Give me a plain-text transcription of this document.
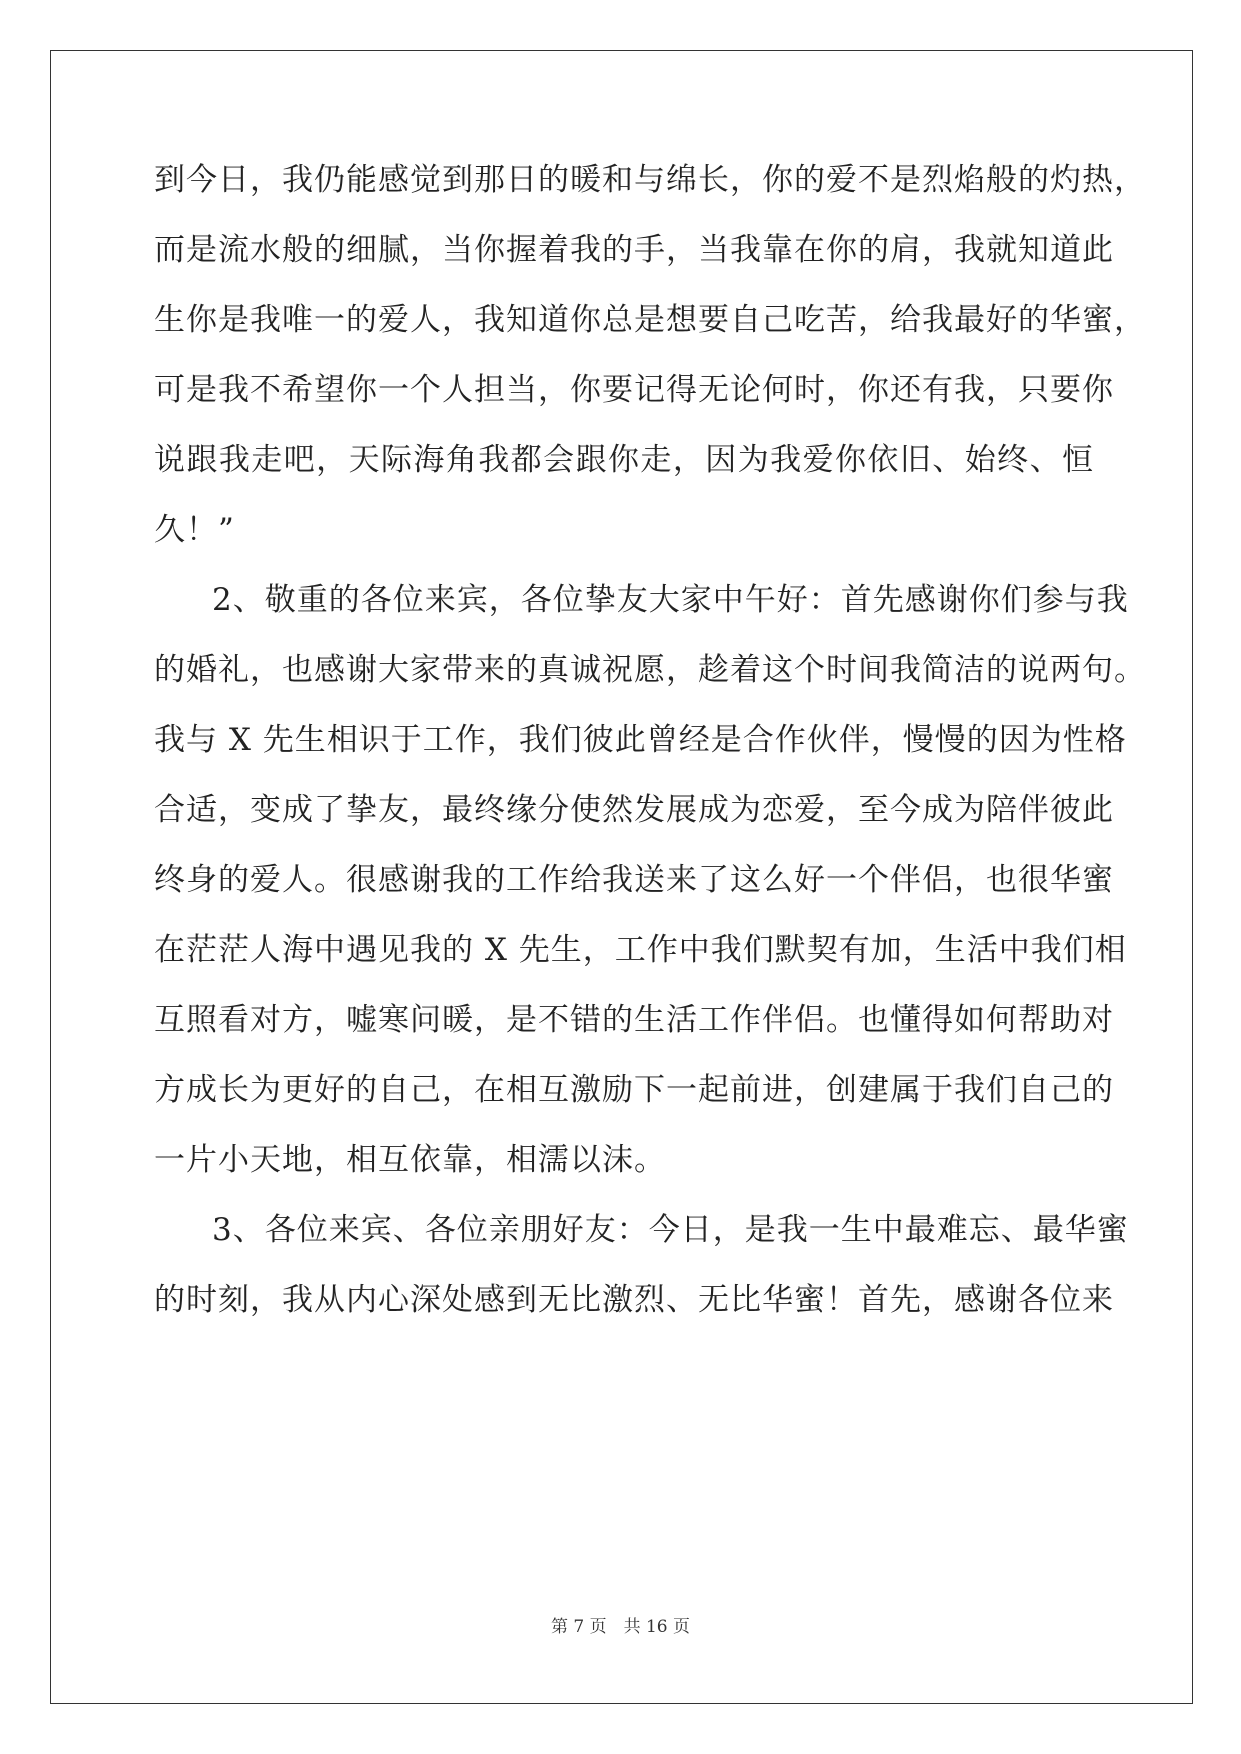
到今日，我仍能感觉到那日的暖和与绵长，你的爱不是烈焰般的灼热，
而是流水般的细腻，当你握着我的手，当我靠在你的肩，我就知道此
生你是我唯一的爱人，我知道你总是想要自己吃苦，给我最好的华蜜，
可是我不希望你一个人担当，你要记得无论何时，你还有我，只要你
说跟我走吧，天际海角我都会跟你走，因为我爱你依旧、始终、恒
久！”
2、敬重的各位来宾，各位挚友大家中午好：首先感谢你们参与我
的婚礼，也感谢大家带来的真诚祝愿，趁着这个时间我简洁的说两句。
我与 X 先生相识于工作，我们彼此曾经是合作伙伴，慢慢的因为性格
合适，变成了挚友，最终缘分使然发展成为恋爱，至今成为陪伴彼此
终身的爱人。很感谢我的工作给我送来了这么好一个伴侣，也很华蜜
在茫茫人海中遇见我的 X 先生，工作中我们默契有加，生活中我们相
互照看对方，嘘寒问暖，是不错的生活工作伴侣。也懂得如何帮助对
方成长为更好的自己，在相互激励下一起前进，创建属于我们自己的
一片小天地，相互依靠，相濡以沫。
3、各位来宾、各位亲朋好友：今日，是我一生中最难忘、最华蜜
的时刻，我从内心深处感到无比激烈、无比华蜜！首先，感谢各位来
第 7 页　共 16 页
